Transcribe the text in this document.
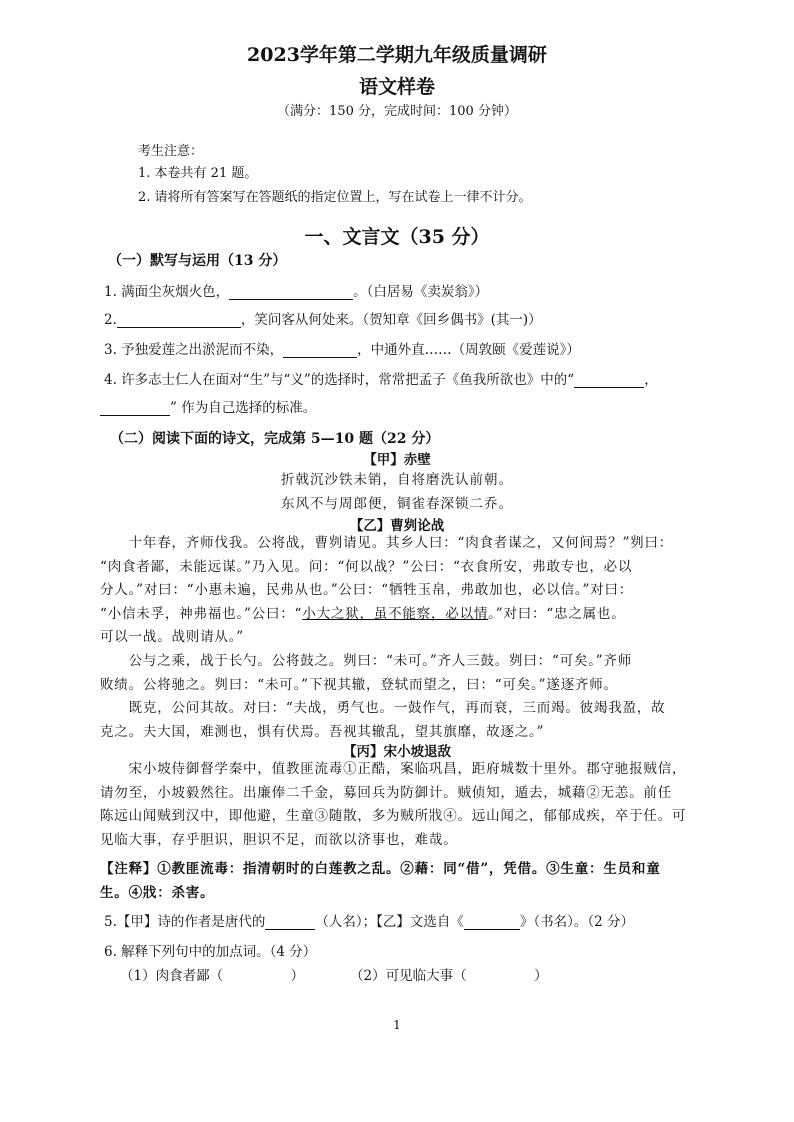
2023学年第二学期九年级质量调研
语文样卷
（满分：150 分，完成时间：100 分钟）
考生注意：
1. 本卷共有 21 题。
2. 请将所有答案写在答题纸的指定位置上，写在试卷上一律不计分。
一、文言文（35 分）
（一）默写与运用（13 分）
1. 满面尘灰烟火色，	。（白居易《卖炭翁》）
2.	，笑问客从何处来。（贺知章《回乡偶书》(其一)）
3. 予独爱莲之出淤泥而不染，	，中通外直……（周敦颐《爱莲说》）
4. 许多志士仁人在面对“生”与“义”的选择时，常常把孟子《鱼我所欲也》中的“	，
” 作为自己选择的标准。
（二）阅读下面的诗文，完成第 5—10 题（22 分）
【甲】赤壁
折戟沉沙铁未销，自将磨洗认前朝。
东风不与周郎便，铜雀春深锁二乔。
【乙】曹刿论战
　　十年春，齐师伐我。公将战，曹刿请见。其乡人曰：“肉食者谋之，又何间焉？”刿曰：
“肉食者鄙，未能远谋。”乃入见。问：“何以战？”公曰：“衣食所安，弗敢专也，必以
分人。”对曰：“小惠未遍，民弗从也。”公曰：“牺牲玉帛，弗敢加也，必以信。”对曰：
“小信未孚，神弗福也。”公曰：“小大之狱，虽不能察，必以情。”对曰：“忠之属也。
可以一战。战则请从。”
　　公与之乘，战于长勺。公将鼓之。刿曰：“未可。”齐人三鼓。刿曰：“可矣。”齐师
败绩。公将驰之。刿曰：“未可。”下视其辙，登轼而望之，曰：“可矣。”遂逐齐师。
　　既克，公问其故。对曰：“夫战，勇气也。一鼓作气，再而衰，三而竭。彼竭我盈，故
克之。夫大国，难测也，惧有伏焉。吾视其辙乱，望其旗靡，故逐之。”
【丙】宋小坡退敌
　　宋小坡侍御督学秦中，值教匪流毒①正酷，案临巩昌，距府城数十里外。郡守驰报贼信，
请勿至，小坡毅然往。出廉俸二千金，募回兵为防御计。贼侦知，遁去，城藉②无恙。前任
陈远山闻贼到汉中，即他避，生童③随散，多为贼所戕④。远山闻之，郁郁成疾，卒于任。可
见临大事，存乎胆识，胆识不足，而欲以济事也，难哉。
【注释】①教匪流毒：指清朝时的白莲教之乱。②藉：同“借”，凭借。③生童：生员和童
生。④戕：杀害。
5.【甲】诗的作者是唐代的	（人名）；【乙】文选自《	》（书名）。（2 分）
6. 解释下列句中的加点词。（4 分）
（1）肉食者鄙（　　　　　）	（2）可见临大事（　　　　　）
1
